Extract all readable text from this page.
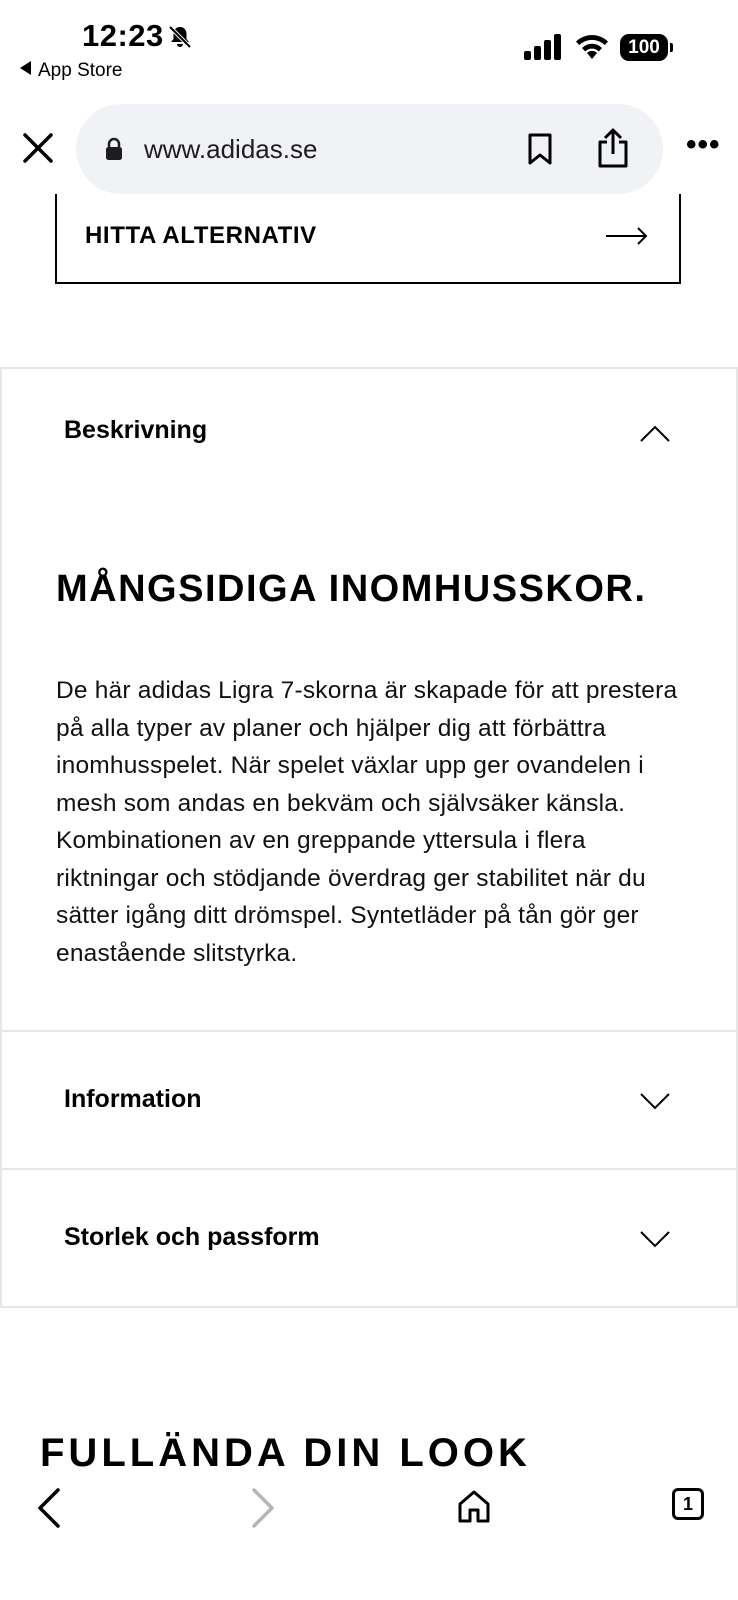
12:23
App Store
100
www.adidas.se	•••
HITTA ALTERNATIV
Beskrivning
MÅNGSIDIGA INOMHUSSKOR.
De här adidas Ligra 7-skorna är skapade för att prestera på alla typer av planer och hjälper dig att förbättra inomhusspelet. När spelet växlar upp ger ovandelen i mesh som andas en bekväm och självsäker känsla. Kombinationen av en greppande yttersula i flera riktningar och stödjande överdrag ger stabilitet när du sätter igång ditt drömspel. Syntetläder på tån gör ger enastående slitstyrka.
Information
Storlek och passform
FULLÄNDA DIN LOOK
1
